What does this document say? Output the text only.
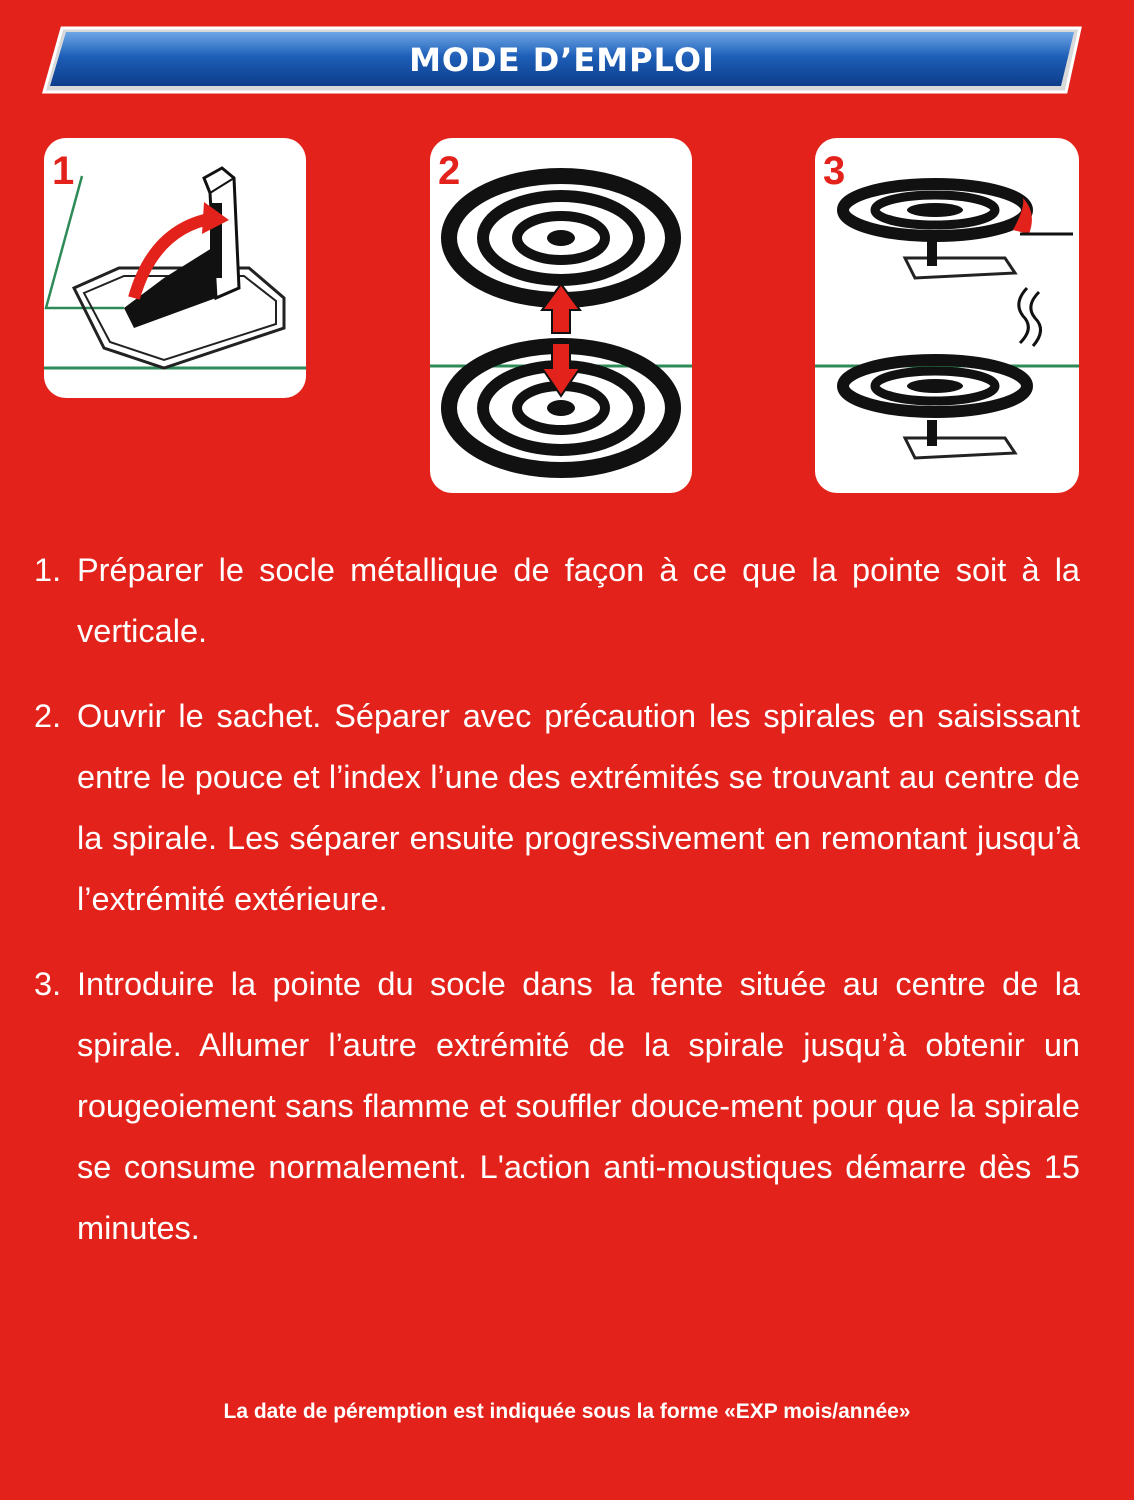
MODE D’EMPLOI
1	2	3
1. Préparer le socle métallique de façon à ce que la pointe soit à la verticale.
2. Ouvrir le sachet. Séparer avec précaution les spirales en saisissant entre le pouce et l’index l’une des extrémités se trouvant au centre de la spirale. Les séparer ensuite progressivement en remontant jusqu’à l’extrémité extérieure.
3. Introduire la pointe du socle dans la fente située au centre de la spirale. Allumer l’autre extrémité de la spirale jusqu’à obtenir un rougeoiement sans flamme et souffler douce-ment pour que la spirale se consume normalement. L'action anti-moustiques démarre dès 15 minutes.
La date de péremption est indiquée sous la forme «EXP mois/année»
